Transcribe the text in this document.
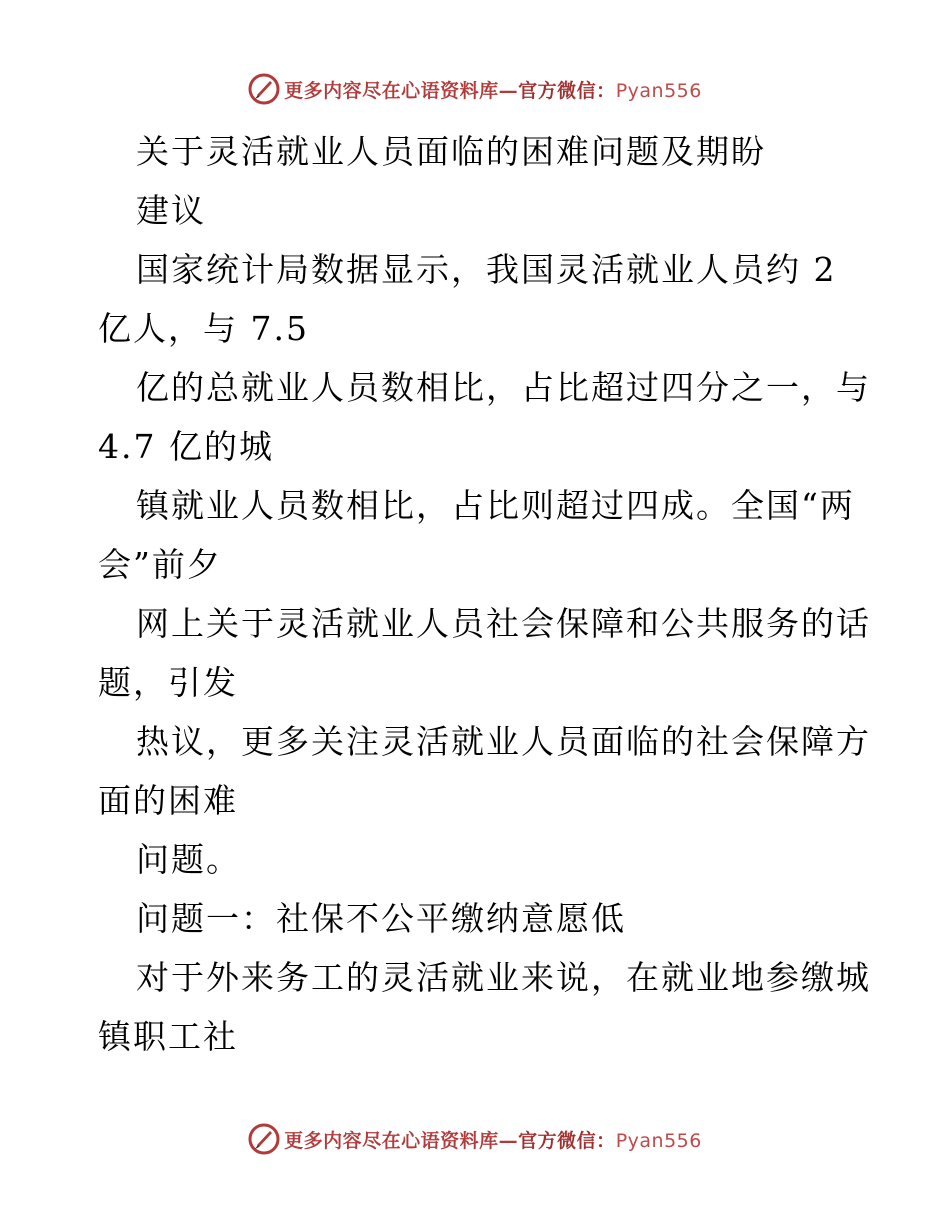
更多内容尽在心语资料库—官方微信：Pyan556
关于灵活就业人员面临的困难问题及期盼
建议
国家统计局数据显示，我国灵活就业人员约 2
亿人，与 7.5
亿的总就业人员数相比，占比超过四分之一，与
4.7 亿的城
镇就业人员数相比，占比则超过四成。全国“两
会”前夕
网上关于灵活就业人员社会保障和公共服务的话
题，引发
热议，更多关注灵活就业人员面临的社会保障方
面的困难
问题。
问题一：社保不公平缴纳意愿低
对于外来务工的灵活就业来说，在就业地参缴城
镇职工社
更多内容尽在心语资料库—官方微信：Pyan556
